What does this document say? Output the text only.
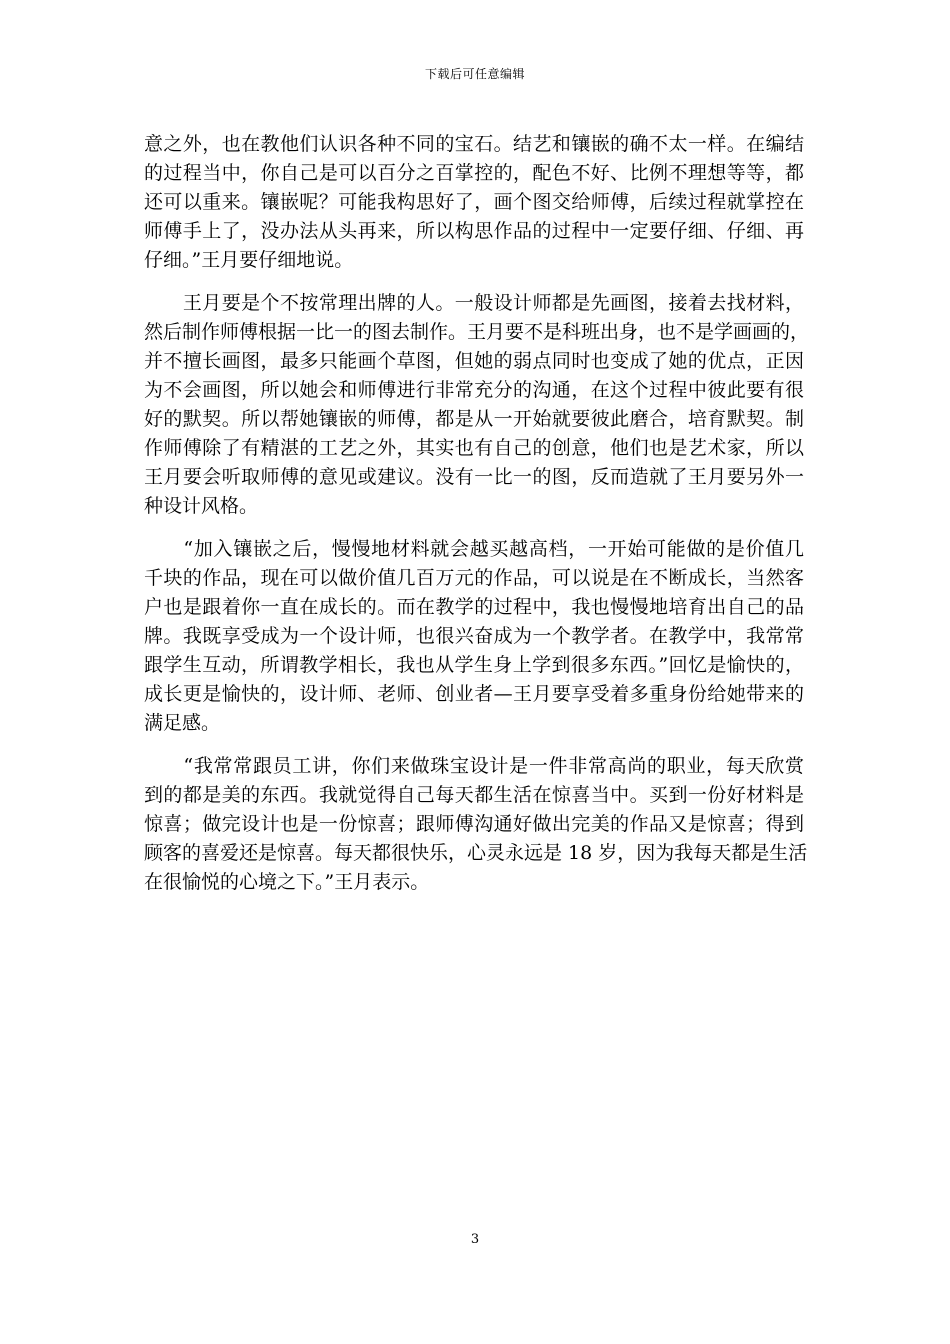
下载后可任意编辑
意之外，也在教他们认识各种不同的宝石。结艺和镶嵌的确不太一样。在编结
的过程当中，你自己是可以百分之百掌控的，配色不好、比例不理想等等，都
还可以重来。镶嵌呢？可能我构思好了，画个图交给师傅，后续过程就掌控在
师傅手上了，没办法从头再来，所以构思作品的过程中一定要仔细、仔细、再
仔细。”王月要仔细地说。
　　王月要是个不按常理出牌的人。一般设计师都是先画图，接着去找材料，
然后制作师傅根据一比一的图去制作。王月要不是科班出身，也不是学画画的，
并不擅长画图，最多只能画个草图，但她的弱点同时也变成了她的优点，正因
为不会画图，所以她会和师傅进行非常充分的沟通，在这个过程中彼此要有很
好的默契。所以帮她镶嵌的师傅，都是从一开始就要彼此磨合，培育默契。制
作师傅除了有精湛的工艺之外，其实也有自己的创意，他们也是艺术家，所以
王月要会听取师傅的意见或建议。没有一比一的图，反而造就了王月要另外一
种设计风格。
　　“加入镶嵌之后，慢慢地材料就会越买越高档，一开始可能做的是价值几
千块的作品，现在可以做价值几百万元的作品，可以说是在不断成长，当然客
户也是跟着你一直在成长的。而在教学的过程中，我也慢慢地培育出自己的品
牌。我既享受成为一个设计师，也很兴奋成为一个教学者。在教学中，我常常
跟学生互动，所谓教学相长，我也从学生身上学到很多东西。”回忆是愉快的，
成长更是愉快的，设计师、老师、创业者—王月要享受着多重身份给她带来的
满足感。
　　“我常常跟员工讲，你们来做珠宝设计是一件非常高尚的职业，每天欣赏
到的都是美的东西。我就觉得自己每天都生活在惊喜当中。买到一份好材料是
惊喜；做完设计也是一份惊喜；跟师傅沟通好做出完美的作品又是惊喜；得到
顾客的喜爱还是惊喜。每天都很快乐，心灵永远是 18 岁，因为我每天都是生活
在很愉悦的心境之下。”王月表示。
3
